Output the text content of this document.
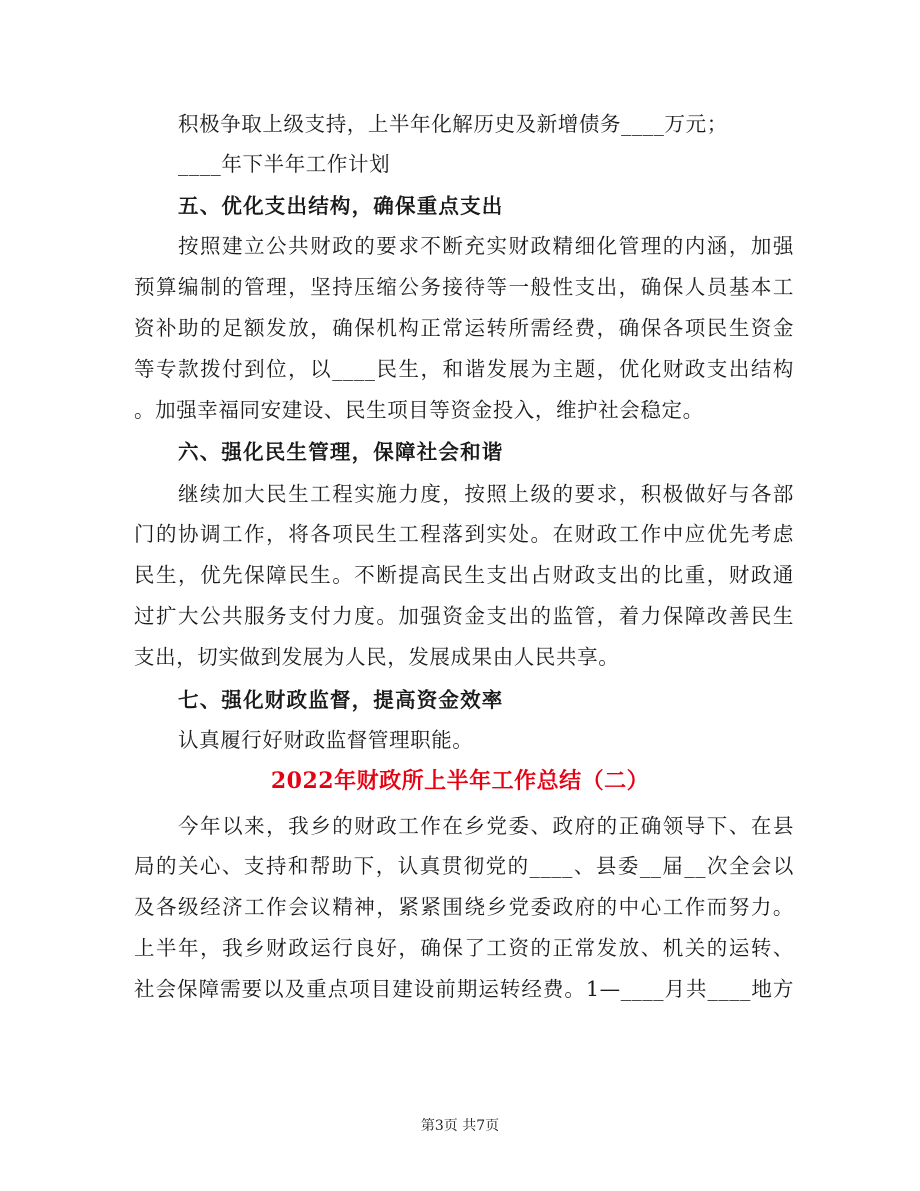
积极争取上级支持，上半年化解历史及新增债务____万元；
____年下半年工作计划
五、优化支出结构，确保重点支出
按照建立公共财政的要求不断充实财政精细化管理的内涵，加强
预算编制的管理，坚持压缩公务接待等一般性支出，确保人员基本工
资补助的足额发放，确保机构正常运转所需经费，确保各项民生资金
等专款拨付到位，以____民生，和谐发展为主题，优化财政支出结构
。加强幸福同安建设、民生项目等资金投入，维护社会稳定。
六、强化民生管理，保障社会和谐
继续加大民生工程实施力度，按照上级的要求，积极做好与各部
门的协调工作，将各项民生工程落到实处。在财政工作中应优先考虑
民生，优先保障民生。不断提高民生支出占财政支出的比重，财政通
过扩大公共服务支付力度。加强资金支出的监管，着力保障改善民生
支出，切实做到发展为人民，发展成果由人民共享。
七、强化财政监督，提高资金效率
认真履行好财政监督管理职能。
2022年财政所上半年工作总结（二）
今年以来，我乡的财政工作在乡党委、政府的正确领导下、在县
局的关心、支持和帮助下，认真贯彻党的____、县委__届__次全会以
及各级经济工作会议精神，紧紧围绕乡党委政府的中心工作而努力。
上半年，我乡财政运行良好，确保了工资的正常发放、机关的运转、
社会保障需要以及重点项目建设前期运转经费。1—____月共____地方
第3页 共7页
